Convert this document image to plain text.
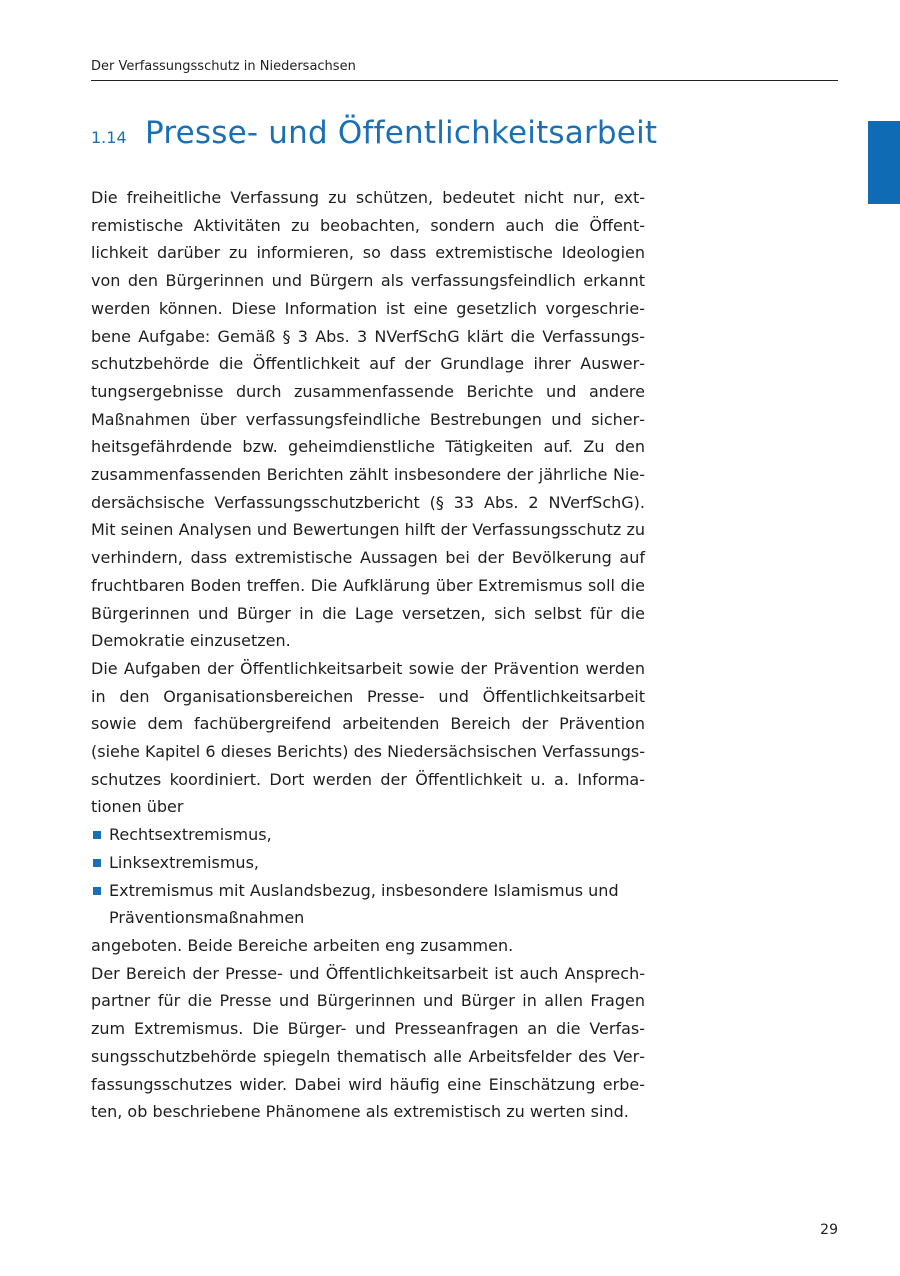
Der Verfassungsschutz in Niedersachsen
1.14 Presse- und Öffentlichkeitsarbeit

Die freiheitliche Verfassung zu schützen, bedeutet nicht nur, extremistische Aktivitäten zu beobachten, sondern auch die Öffentlichkeit darüber zu informieren, so dass extremistische Ideologien von den Bürgerinnen und Bürgern als verfassungsfeindlich erkannt werden können. Diese Information ist eine gesetzlich vorgeschriebene Aufgabe: Gemäß § 3 Abs. 3 NVerfSchG klärt die Verfassungsschutzbehörde die Öffentlichkeit auf der Grundlage ihrer Auswertungsergebnisse durch zusammenfassende Berichte und andere Maßnahmen über verfassungsfeindliche Bestrebungen und sicherheitsgefährdende bzw. geheimdienstliche Tätigkeiten auf. Zu den zusammenfassenden Berichten zählt insbesondere der jährliche Niedersächsische Verfassungsschutzbericht (§ 33 Abs. 2 NVerfSchG). Mit seinen Analysen und Bewertungen hilft der Verfassungsschutz zu verhindern, dass extremistische Aussagen bei der Bevölkerung auf fruchtbaren Boden treffen. Die Aufklärung über Extremismus soll die Bürgerinnen und Bürger in die Lage versetzen, sich selbst für die Demokratie einzusetzen.

Die Aufgaben der Öffentlichkeitsarbeit sowie der Prävention werden in den Organisationsbereichen Presse- und Öffentlichkeitsarbeit sowie dem fachübergreifend arbeitenden Bereich der Prävention (siehe Kapitel 6 dieses Berichts) des Niedersächsischen Verfassungsschutzes koordiniert. Dort werden der Öffentlichkeit u. a. Informationen über

Rechtsextremismus,
Linksextremismus,
Extremismus mit Auslandsbezug, insbesondere Islamismus und Präventionsmaßnahmen

angeboten. Beide Bereiche arbeiten eng zusammen.

Der Bereich der Presse- und Öffentlichkeitsarbeit ist auch Ansprechpartner für die Presse und Bürgerinnen und Bürger in allen Fragen zum Extremismus. Die Bürger- und Presseanfragen an die Verfassungsschutzbehörde spiegeln thematisch alle Arbeitsfelder des Verfassungsschutzes wider. Dabei wird häufig eine Einschätzung erbeten, ob beschriebene Phänomene als extremistisch zu werten sind.

29
